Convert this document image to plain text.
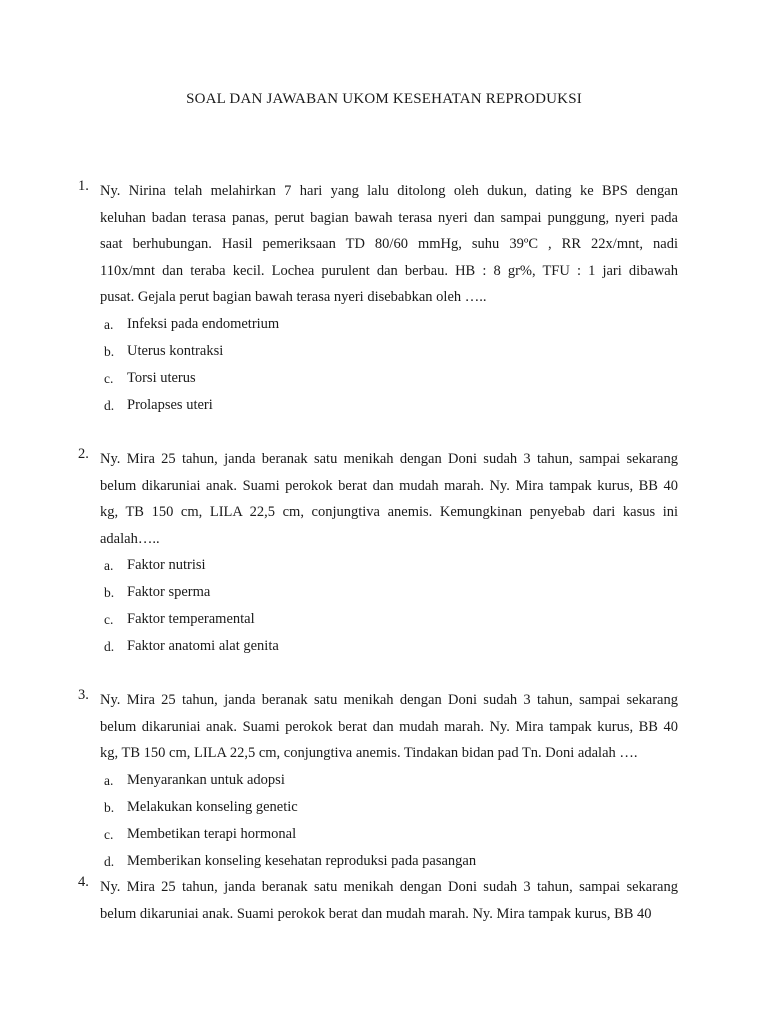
SOAL DAN JAWABAN UKOM KESEHATAN REPRODUKSI
1. Ny. Nirina telah melahirkan 7 hari yang lalu ditolong oleh dukun, dating ke BPS dengan
keluhan badan terasa panas, perut bagian bawah terasa nyeri dan sampai punggung, nyeri pada
saat berhubungan. Hasil pemeriksaan TD 80/60 mmHg, suhu 39ºC , RR 22x/mnt, nadi
110x/mnt dan teraba kecil. Lochea purulent dan berbau. HB : 8 gr%, TFU : 1 jari dibawah
pusat. Gejala perut bagian bawah terasa nyeri disebabkan oleh …..
a. Infeksi pada endometrium
b. Uterus kontraksi
c. Torsi uterus
d. Prolapses uteri
2. Ny. Mira 25 tahun, janda beranak satu menikah dengan Doni sudah 3 tahun, sampai sekarang
belum dikaruniai anak. Suami perokok berat dan mudah marah. Ny. Mira tampak kurus, BB 40
kg, TB 150 cm, LILA 22,5 cm, conjungtiva anemis. Kemungkinan penyebab dari kasus ini
adalah…..
a. Faktor nutrisi
b. Faktor sperma
c. Faktor temperamental
d. Faktor anatomi alat genita
3. Ny. Mira 25 tahun, janda beranak satu menikah dengan Doni sudah 3 tahun, sampai sekarang
belum dikaruniai anak. Suami perokok berat dan mudah marah. Ny. Mira tampak kurus, BB 40
kg, TB 150 cm, LILA 22,5 cm, conjungtiva anemis. Tindakan bidan pad Tn. Doni adalah ….
a. Menyarankan untuk adopsi
b. Melakukan konseling genetic
c. Membetikan terapi hormonal
d. Memberikan konseling kesehatan reproduksi pada pasangan
4. Ny. Mira 25 tahun, janda beranak satu menikah dengan Doni sudah 3 tahun, sampai sekarang
belum dikaruniai anak. Suami perokok berat dan mudah marah. Ny. Mira tampak kurus, BB 40
